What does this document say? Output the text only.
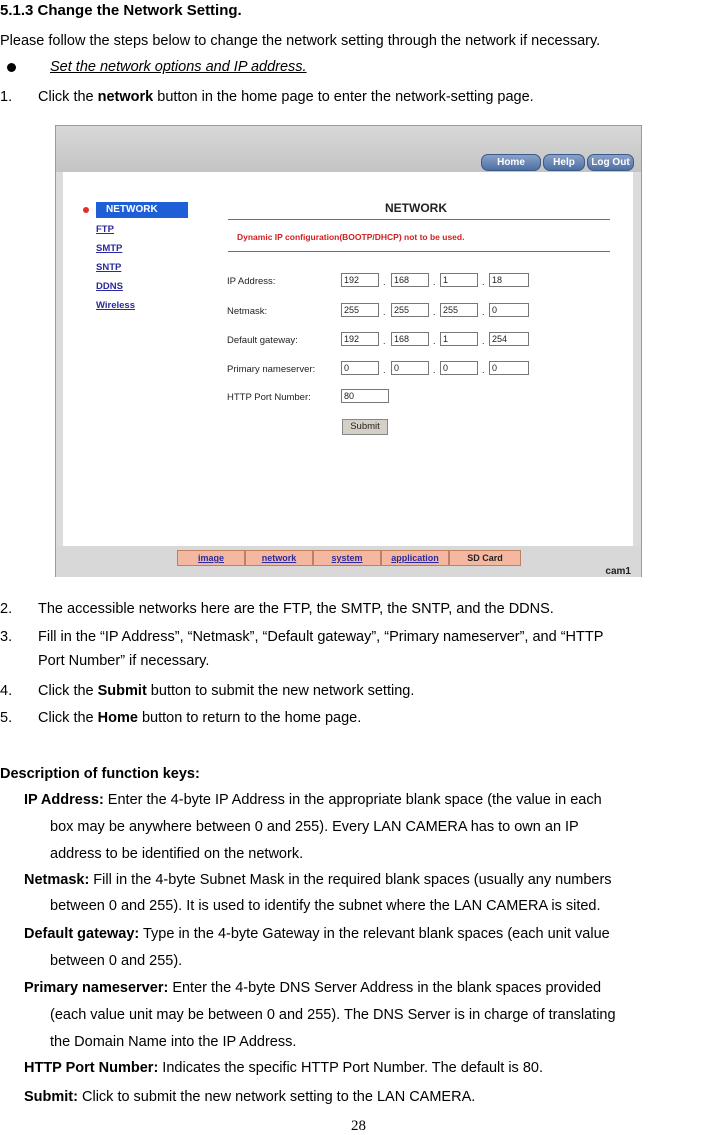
5.1.3 Change the Network Setting.
Please follow the steps below to change the network setting through the network if necessary.
Set the network options and IP address.
1. Click the network button in the home page to enter the network-setting page.
Home	Help	Log Out
NETWORK
FTP
SMTP
SNTP
DDNS
Wireless
NETWORK
Dynamic IP configuration(BOOTP/DHCP) not to be used.
IP Address:	192	. 168	. 1	. 18
Netmask:	255	. 255	. 255	. 0
Default gateway:	192	. 168	. 1	. 254
Primary nameserver:	0	. 0	. 0	. 0
HTTP Port Number:	80
Submit
image	network	system	application	SD Card
cam1
2. The accessible networks here are the FTP, the SMTP, the SNTP, and the DDNS.
3. Fill in the “IP Address”, “Netmask”, “Default gateway”, “Primary nameserver”, and “HTTP
Port Number” if necessary.
4. Click the Submit button to submit the new network setting.
5. Click the Home button to return to the home page.
Description of function keys:
IP Address: Enter the 4-byte IP Address in the appropriate blank space (the value in each
box may be anywhere between 0 and 255). Every LAN CAMERA has to own an IP
address to be identified on the network.
Netmask: Fill in the 4-byte Subnet Mask in the required blank spaces (usually any numbers
between 0 and 255). It is used to identify the subnet where the LAN CAMERA is sited.
Default gateway: Type in the 4-byte Gateway in the relevant blank spaces (each unit value
between 0 and 255).
Primary nameserver: Enter the 4-byte DNS Server Address in the blank spaces provided
(each value unit may be between 0 and 255). The DNS Server is in charge of translating
the Domain Name into the IP Address.
HTTP Port Number: Indicates the specific HTTP Port Number. The default is 80.
Submit: Click to submit the new network setting to the LAN CAMERA.
28
